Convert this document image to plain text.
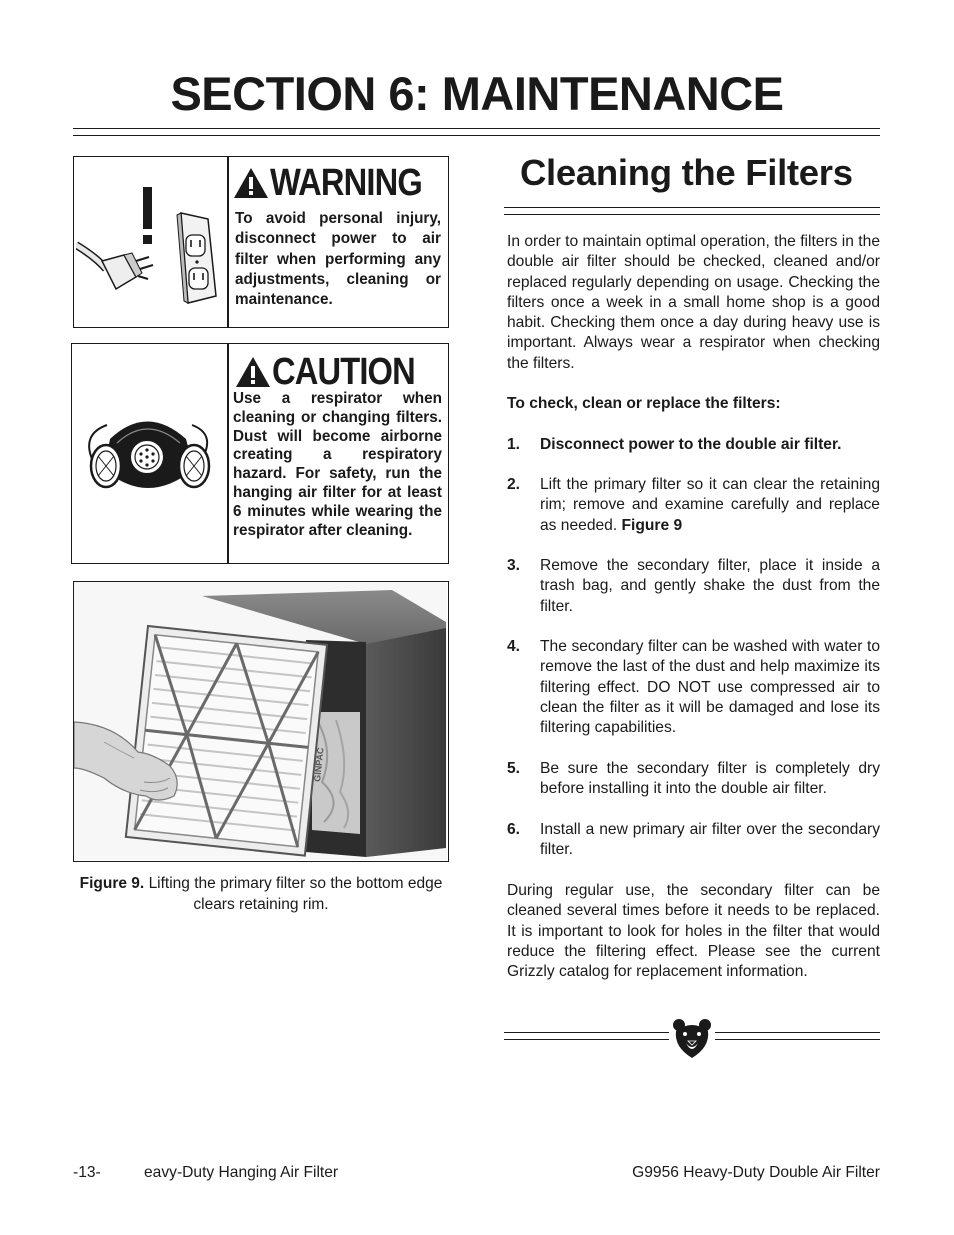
SECTION 6: MAINTENANCE
WARNING

To avoid personal injury, disconnect power to air filter when performing any adjustments, cleaning or maintenance.

CAUTION

Use a respirator when cleaning or changing filters. Dust will become airborne creating a respiratory hazard. For safety, run the hanging air filter for at least 6 minutes while wearing the respirator after cleaning.

GINPAC
Figure 9. Lifting the primary filter so the bottom edge clears retaining rim.
Cleaning the Filters

In order to maintain optimal operation, the filters in the double air filter should be checked, cleaned and/or replaced regularly depending on usage. Checking the filters once a week in a small home shop is a good habit. Checking them once a day during heavy use is important. Always wear a respirator when checking the filters.

To check, clean or replace the filters:

1. Disconnect power to the double air filter.
2. Lift the primary filter so it can clear the retaining rim; remove and examine carefully and replace as needed. Figure 9
3. Remove the secondary filter, place it inside a trash bag, and gently shake the dust from the filter.
4. The secondary filter can be washed with water to remove the last of the dust and help maximize its filtering effect. DO NOT use compressed air to clean the filter as it will be damaged and lose its filtering capabilities.
5. Be sure the secondary filter is completely dry before installing it into the double air filter.
6. Install a new primary air filter over the secondary filter.

During regular use, the secondary filter can be cleaned several times before it needs to be replaced. It is important to look for holes in the filter that would reduce the filtering effect. Please see the current Grizzly catalog for replacement information.

-13-	eavy-Duty Hanging Air Filter	G9956 Heavy-Duty Double Air Filter
